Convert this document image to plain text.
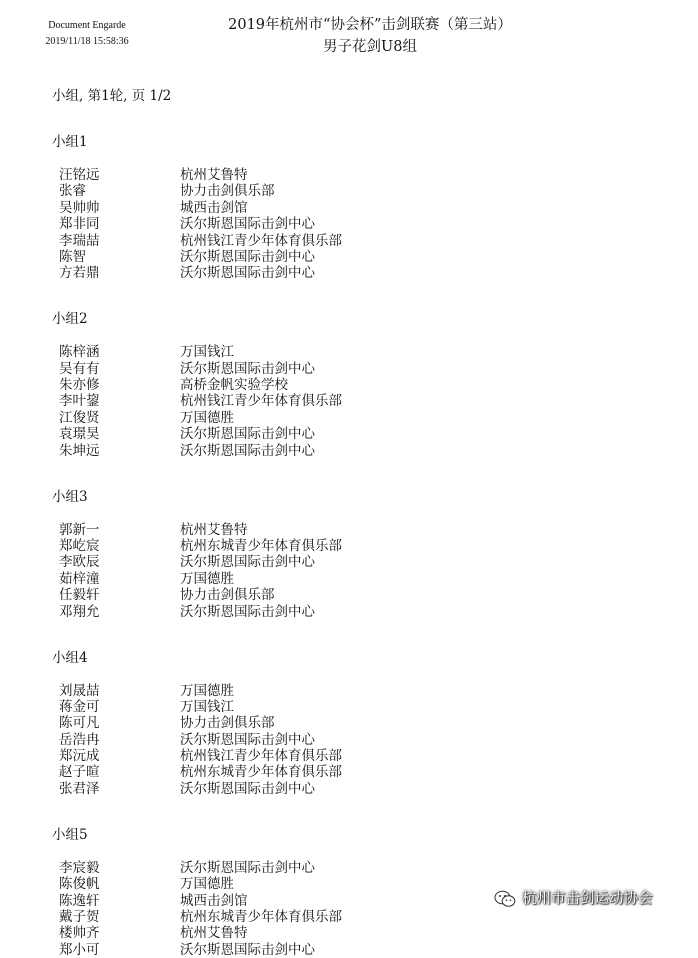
Document Engarde
2019/11/18 15:58:36
2019年杭州市“协会杯”击剑联赛（第三站）
男子花剑U8组
小组, 第1轮, 页 1/2
小组1
汪铭远	杭州艾鲁特
张睿	协力击剑俱乐部
吴帅帅	城西击剑馆
郑非同	沃尔斯恩国际击剑中心
李瑞喆	杭州钱江青少年体育俱乐部
陈智	沃尔斯恩国际击剑中心
方若鼎	沃尔斯恩国际击剑中心
小组2
陈梓涵	万国钱江
吴有有	沃尔斯恩国际击剑中心
朱亦修	高桥金帆实验学校
李叶鋆	杭州钱江青少年体育俱乐部
江俊贤	万国德胜
袁璟昊	沃尔斯恩国际击剑中心
朱坤远	沃尔斯恩国际击剑中心
小组3
郭新一	杭州艾鲁特
郑屹宸	杭州东城青少年体育俱乐部
李欧辰	沃尔斯恩国际击剑中心
茹梓潼	万国德胜
任毅轩	协力击剑俱乐部
邓翔允	沃尔斯恩国际击剑中心
小组4
刘晟喆	万国德胜
蒋金可	万国钱江
陈可凡	协力击剑俱乐部
岳浩冉	沃尔斯恩国际击剑中心
郑沅成	杭州钱江青少年体育俱乐部
赵子暄	杭州东城青少年体育俱乐部
张君泽	沃尔斯恩国际击剑中心
小组5
李宸毅	沃尔斯恩国际击剑中心
陈俊帆	万国德胜
陈逸轩	城西击剑馆
戴子贺	杭州东城青少年体育俱乐部
楼帅齐	杭州艾鲁特
郑小可	沃尔斯恩国际击剑中心
杭州市击剑运动协会
